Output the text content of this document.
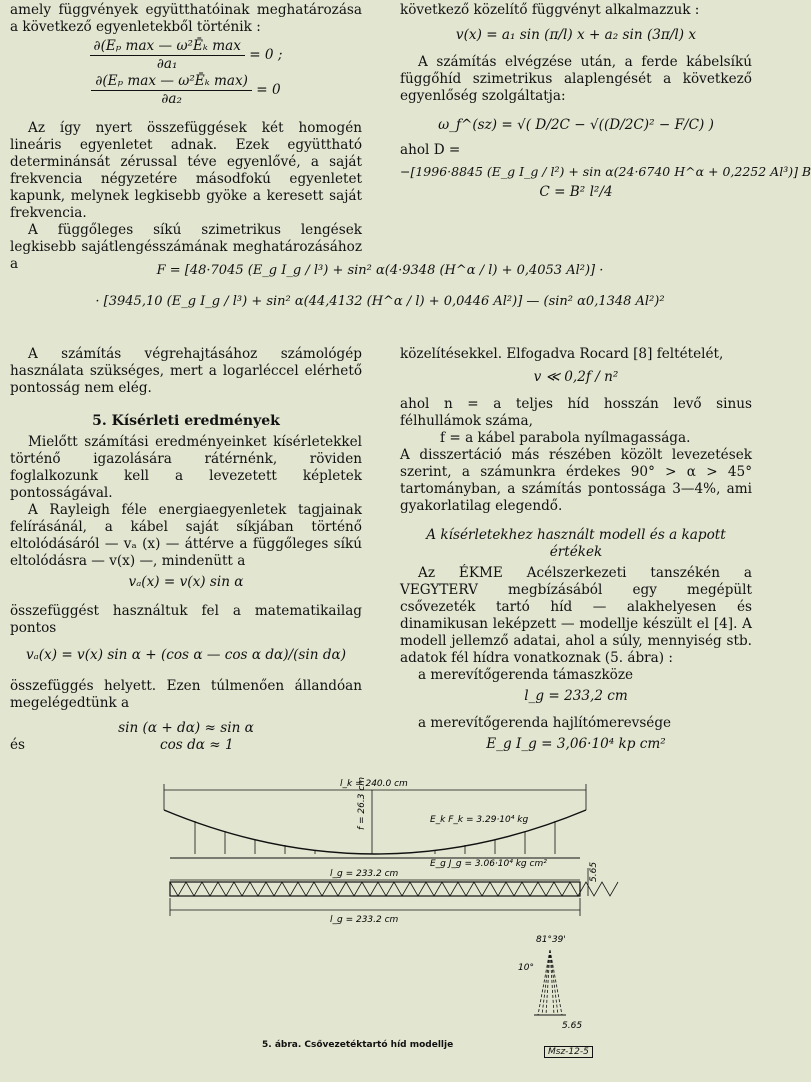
amely függvények együtthatóinak meghatározása a következő egyenletekből történik :

$\frac{\text{∂(Eₚ max — ω²Ēₖ max}}{\text{∂a₁}} = 0$ ;
$\frac{\text{∂(Eₚ max — ω²Ēₖ max)}}{\text{∂a₂}} = 0$

Az így nyert összefüggések két homogén lineáris egyenletet adnak. Ezek együttható determinánsát zérussal téve egyenlővé, a saját frekvencia négyzetére másodfokú egyenletet kapunk, melynek legkisebb gyöke a keresett saját frekvencia.

A függőleges síkú szimetrikus lengések legkisebb sajátlengésszámának meghatározásához a

következő közelítő függvényt alkalmazzuk :

v(x) = a₁ sin (π/l) x + a₂ sin (3π/l) x

A számítás elvégzése után, a ferde kábelsíkú függőhíd szimetrikus alaplengését a következő egyenlőség szolgáltatja:

ω_f^(sz) = √( D/2C − √((D/2C)² − F/C) )

ahol D =

−[1996·8845 (E_g I_g / l²) + sin α(24·6740 H^α + 0,2252 Al³)] B
C = B² l²/4
F = [48·7045 (E_g I_g / l³) + sin² α(4·9348 (H^α / l) + 0,4053 Al²)] ·
· [3945,10 (E_g I_g / l³) + sin² α(44,4132 (H^α / l) + 0,0446 Al²)] — (sin² α0,1348 Al²)²

A számítás végrehajtásához számológép használata szükséges, mert a logarléccel elérhető pontosság nem elég.

5. Kísérleti eredmények

Mielőtt számítási eredményeinket kísérletekkel történő igazolására rátérnénk, röviden foglalkozunk kell a levezetett képletek pontosságával.

A Rayleigh féle energiaegyenletek tagjainak felírásánál, a kábel saját síkjában történő eltolódásáról — vₐ (x) — áttérve a függőleges síkú eltolódásra — v(x) —, mindenütt a

vₐ(x) = v(x) sin α

összefüggést használtuk fel a matematikailag pontos

vₐ(x) = v(x) sin α + (cos α — cos α dα)/(sin dα)

összefüggés helyett. Ezen túlmenően állandóan megelégedtünk a

sin (α + dα) ≈ sin α
és	cos dα ≈ 1

közelítésekkel. Elfogadva Rocard [8] feltételét,

v ≪ 0,2f / n²

ahol n = a teljes híd hosszán levő sinus félhullámok száma,

f = a kábel parabola nyílmagassága.

A disszertáció más részében közölt levezetések szerint, a számunkra érdekes 90° > α > 45° tartományban, a számítás pontossága 3—4%, ami gyakorlatilag elegendő.

A kísérletekhez használt modell és a kapott értékek

Az ÉKME Acélszerkezeti tanszékén a VEGYTERV megbízásából egy megépült csővezeték tartó híd — alakhelyesen és dinamikusan leképzett — modellje készült el [4]. A modell jellemző adatai, ahol a súly, mennyiség stb. adatok fél hídra vonatkoznak (5. ábra) :

a merevítőgerenda támaszköze

l_g = 233,2 cm

a merevítőgerenda hajlítómerevsége

E_g I_g = 3,06·10⁴ kp cm²
l_k = 240.0 cm
f = 26.3 cm	E_k F_k = 3.29·10⁴ kg
E_g J_g = 3.06·10⁴ kg cm²
l_g = 233.2 cm	5.65
l_g = 233.2 cm
81°39'
10°
5.65
5. ábra. Csővezetéktartó híd modellje
Msz-12-5
